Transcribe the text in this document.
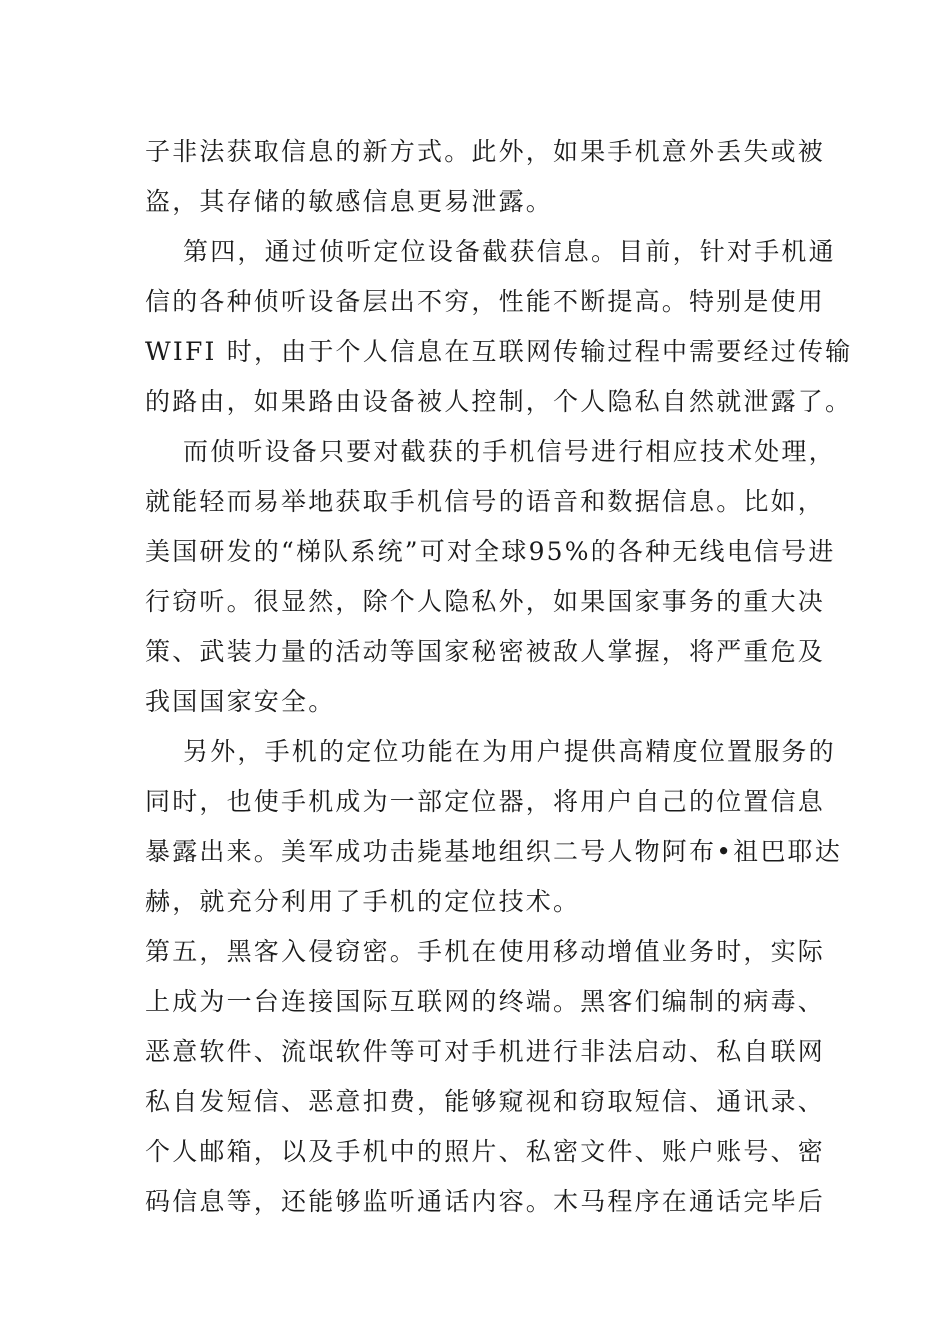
子非法获取信息的新方式。此外，如果手机意外丢失或被
盗，其存储的敏感信息更易泄露。
第四，通过侦听定位设备截获信息。目前，针对手机通
信的各种侦听设备层出不穷，性能不断提高。特别是使用
WIFI 时，由于个人信息在互联网传输过程中需要经过传输
的路由，如果路由设备被人控制，个人隐私自然就泄露了。
而侦听设备只要对截获的手机信号进行相应技术处理，
就能轻而易举地获取手机信号的语音和数据信息。比如，
美国研发的“梯队系统”可对全球95%的各种无线电信号进
行窃听。很显然，除个人隐私外，如果国家事务的重大决
策、武装力量的活动等国家秘密被敌人掌握，将严重危及
我国国家安全。
另外，手机的定位功能在为用户提供高精度位置服务的
同时，也使手机成为一部定位器，将用户自己的位置信息
暴露出来。美军成功击毙基地组织二号人物阿布•祖巴耶达
赫，就充分利用了手机的定位技术。
第五，黑客入侵窃密。手机在使用移动增值业务时，实际
上成为一台连接国际互联网的终端。黑客们编制的病毒、
恶意软件、流氓软件等可对手机进行非法启动、私自联网
私自发短信、恶意扣费，能够窥视和窃取短信、通讯录、
个人邮箱，以及手机中的照片、私密文件、账户账号、密
码信息等，还能够监听通话内容。木马程序在通话完毕后
